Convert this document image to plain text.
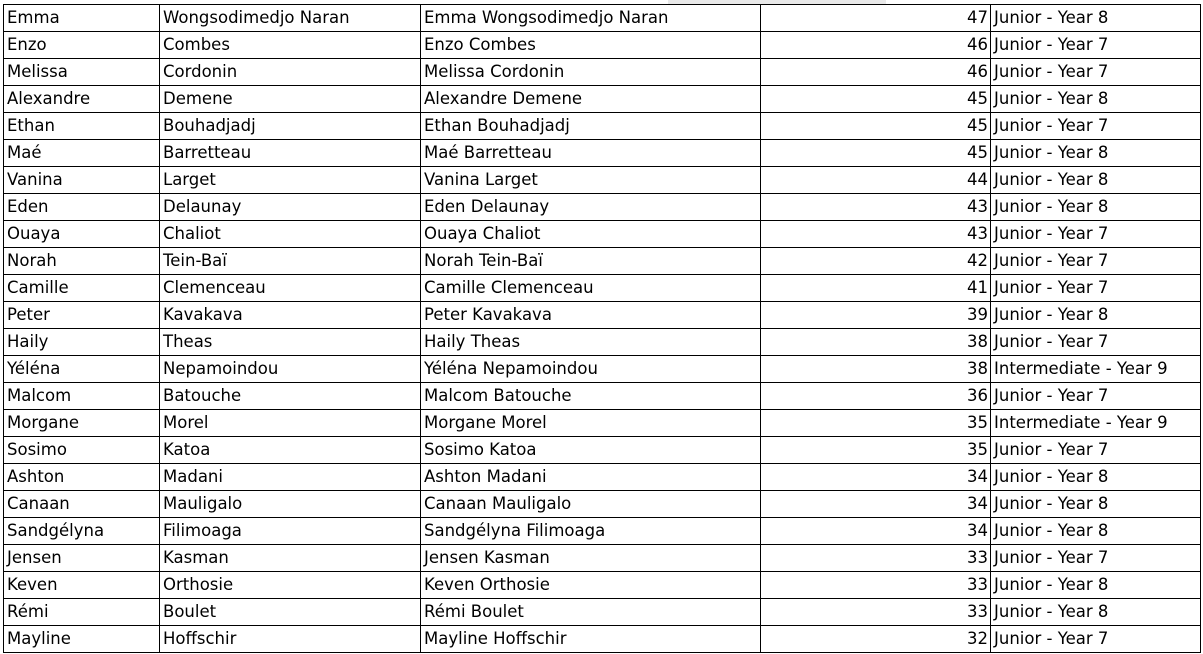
Emma	Wongsodimedjo Naran	Emma Wongsodimedjo Naran	47	Junior - Year 8
Enzo	Combes	Enzo Combes	46	Junior - Year 7
Melissa	Cordonin	Melissa Cordonin	46	Junior - Year 7
Alexandre	Demene	Alexandre Demene	45	Junior - Year 8
Ethan	Bouhadjadj	Ethan Bouhadjadj	45	Junior - Year 7
Maé	Barretteau	Maé Barretteau	45	Junior - Year 8
Vanina	Larget	Vanina Larget	44	Junior - Year 8
Eden	Delaunay	Eden Delaunay	43	Junior - Year 8
Ouaya	Chaliot	Ouaya Chaliot	43	Junior - Year 7
Norah	Tein-Baï	Norah Tein-Baï	42	Junior - Year 7
Camille	Clemenceau	Camille Clemenceau	41	Junior - Year 7
Peter	Kavakava	Peter Kavakava	39	Junior - Year 8
Haily	Theas	Haily Theas	38	Junior - Year 7
Yéléna	Nepamoindou	Yéléna Nepamoindou	38	Intermediate - Year 9
Malcom	Batouche	Malcom Batouche	36	Junior - Year 7
Morgane	Morel	Morgane Morel	35	Intermediate - Year 9
Sosimo	Katoa	Sosimo Katoa	35	Junior - Year 7
Ashton	Madani	Ashton Madani	34	Junior - Year 8
Canaan	Mauligalo	Canaan Mauligalo	34	Junior - Year 8
Sandgélyna	Filimoaga	Sandgélyna Filimoaga	34	Junior - Year 8
Jensen	Kasman	Jensen Kasman	33	Junior - Year 7
Keven	Orthosie	Keven Orthosie	33	Junior - Year 8
Rémi	Boulet	Rémi Boulet	33	Junior - Year 8
Mayline	Hoffschir	Mayline Hoffschir	32	Junior - Year 7
